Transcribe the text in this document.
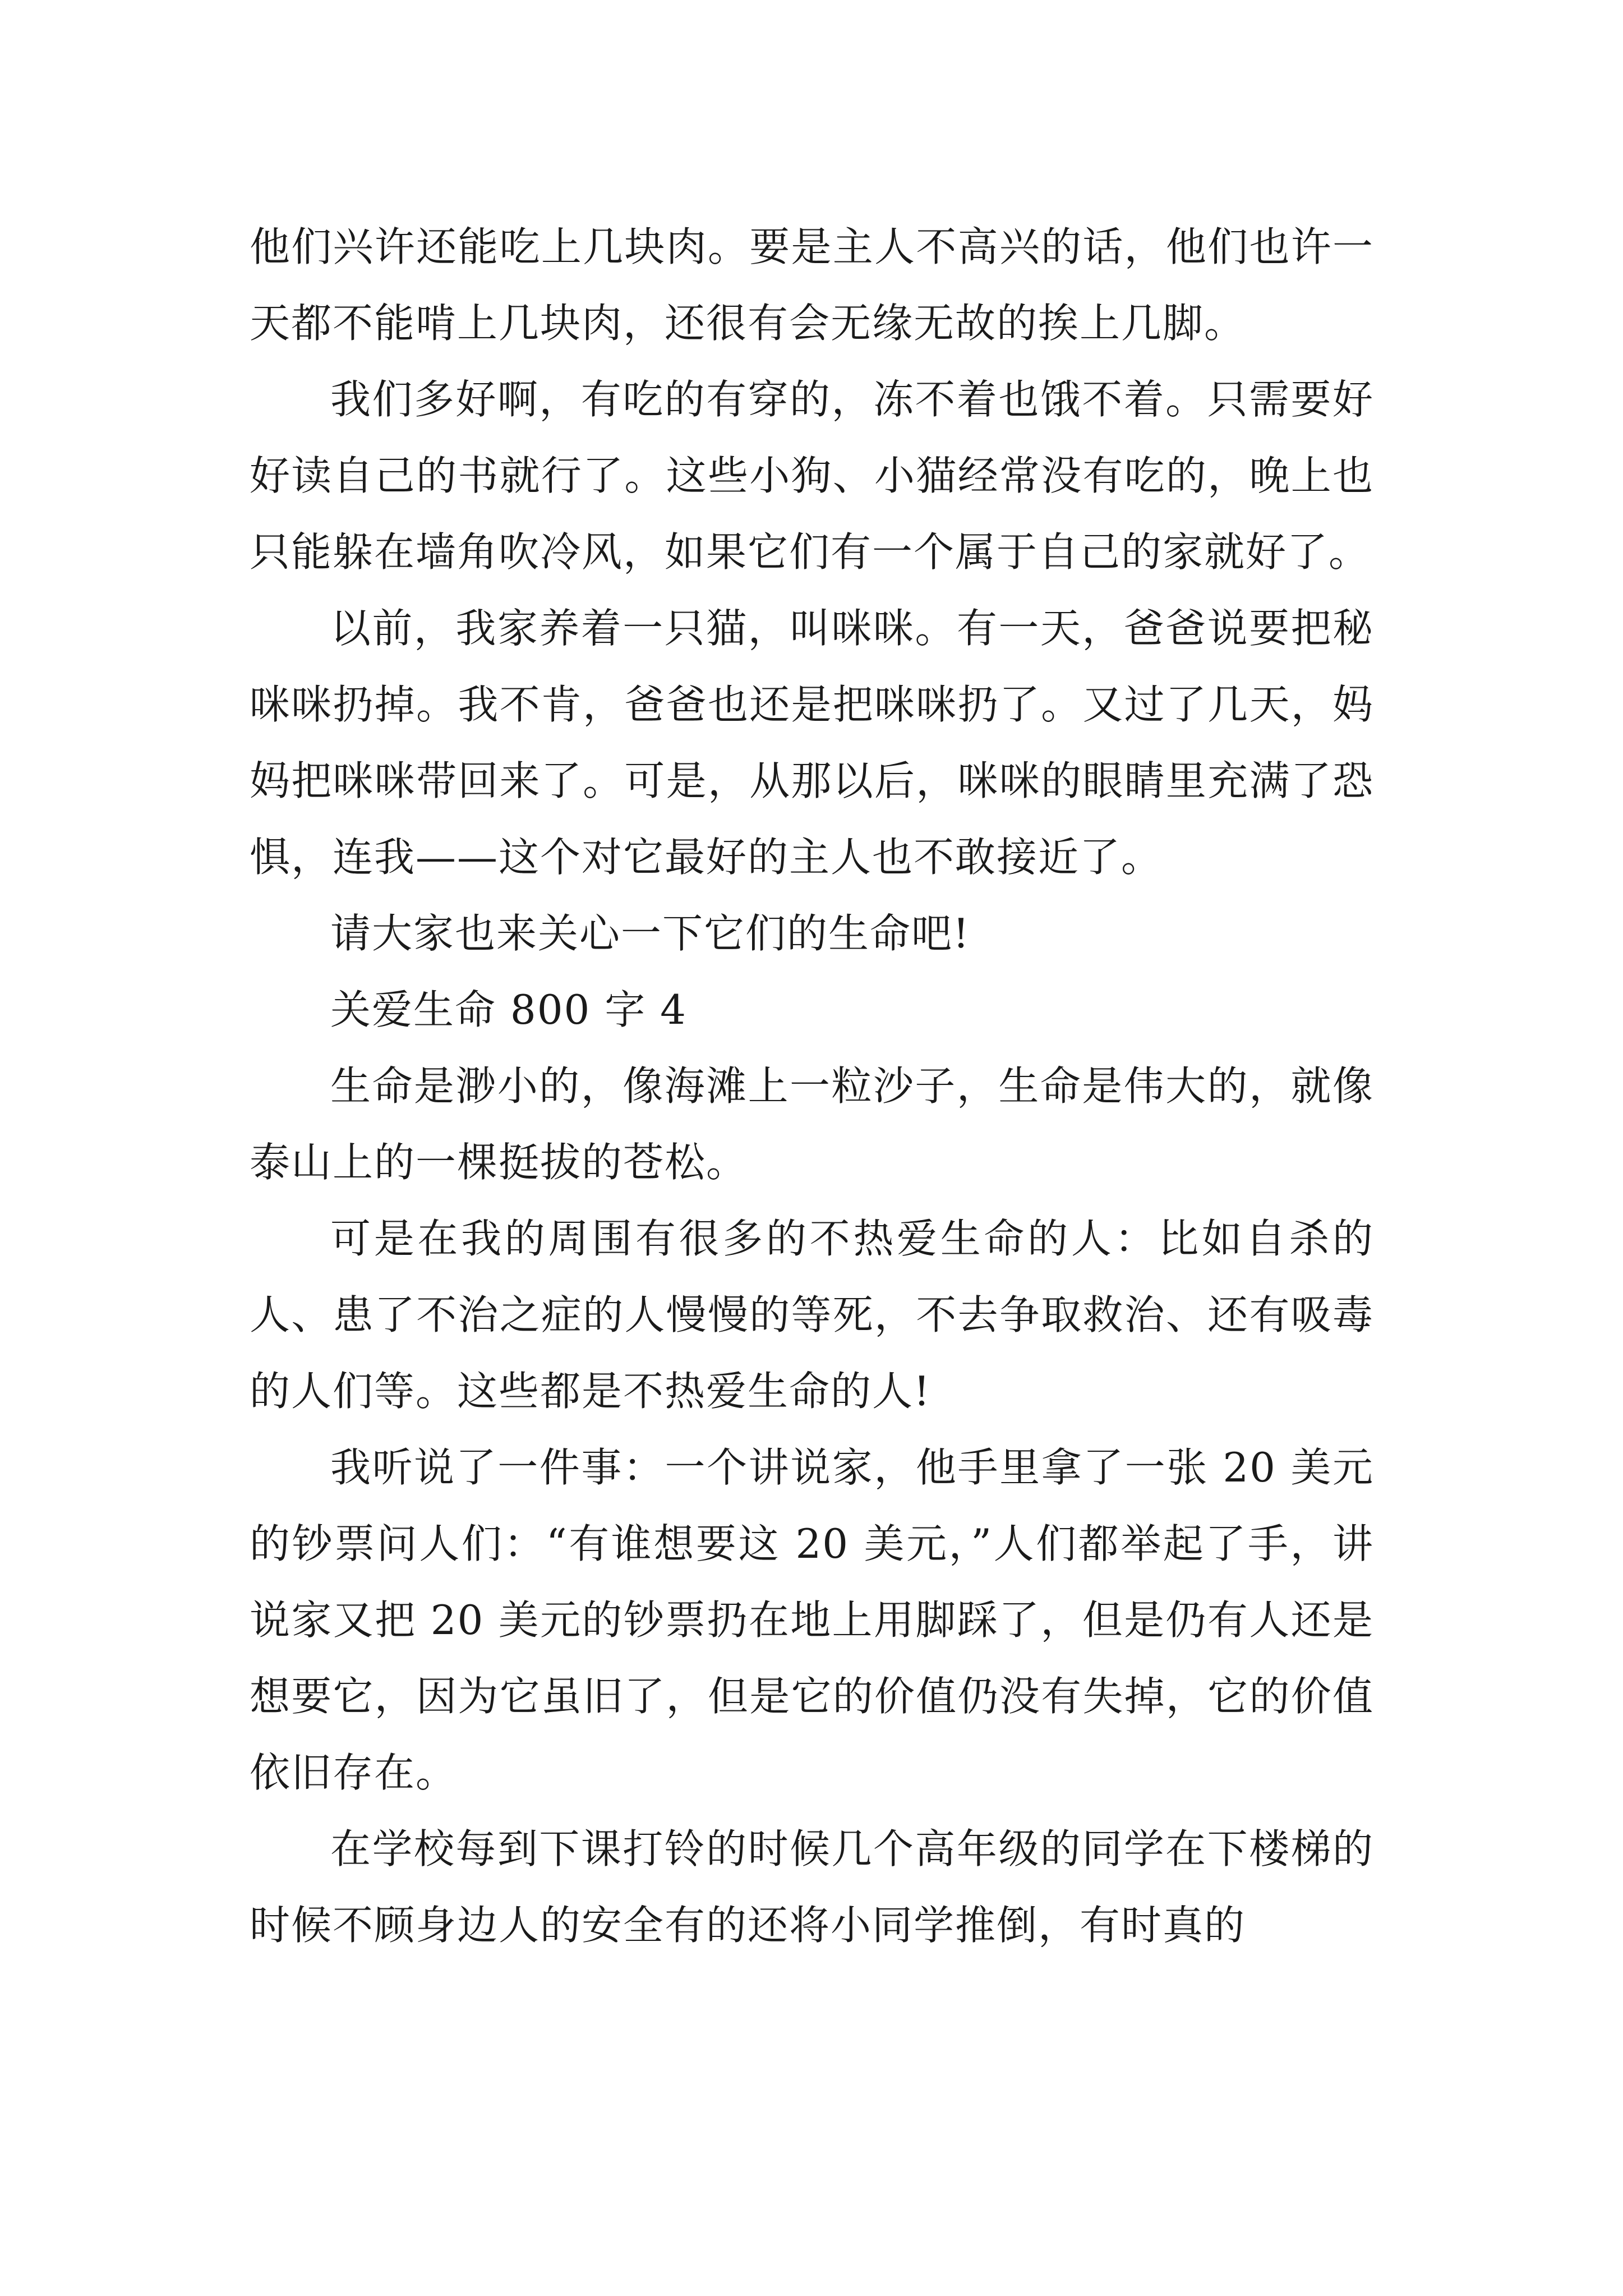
他们兴许还能吃上几块肉。要是主人不高兴的话，他们也许一天都不能啃上几块肉，还很有会无缘无故的挨上几脚。

我们多好啊，有吃的有穿的，冻不着也饿不着。只需要好好读自己的书就行了。这些小狗、小猫经常没有吃的，晚上也只能躲在墙角吹冷风，如果它们有一个属于自己的家就好了。

以前，我家养着一只猫，叫咪咪。有一天，爸爸说要把秘咪咪扔掉。我不肯，爸爸也还是把咪咪扔了。又过了几天，妈妈把咪咪带回来了。可是，从那以后，咪咪的眼睛里充满了恐惧，连我——这个对它最好的主人也不敢接近了。

请大家也来关心一下它们的生命吧!

关爱生命 800 字 4

生命是渺小的，像海滩上一粒沙子，生命是伟大的，就像泰山上的一棵挺拔的苍松。

可是在我的周围有很多的不热爱生命的人：比如自杀的人、患了不治之症的人慢慢的等死，不去争取救治、还有吸毒的人们等。这些都是不热爱生命的人!

我听说了一件事：一个讲说家，他手里拿了一张 20 美元的钞票问人们：“有谁想要这 20 美元，”人们都举起了手，讲说家又把 20 美元的钞票扔在地上用脚踩了，但是仍有人还是想要它，因为它虽旧了，但是它的价值仍没有失掉，它的价值依旧存在。

在学校每到下课打铃的时候几个高年级的同学在下楼梯的时候不顾身边人的安全有的还将小同学推倒，有时真的
